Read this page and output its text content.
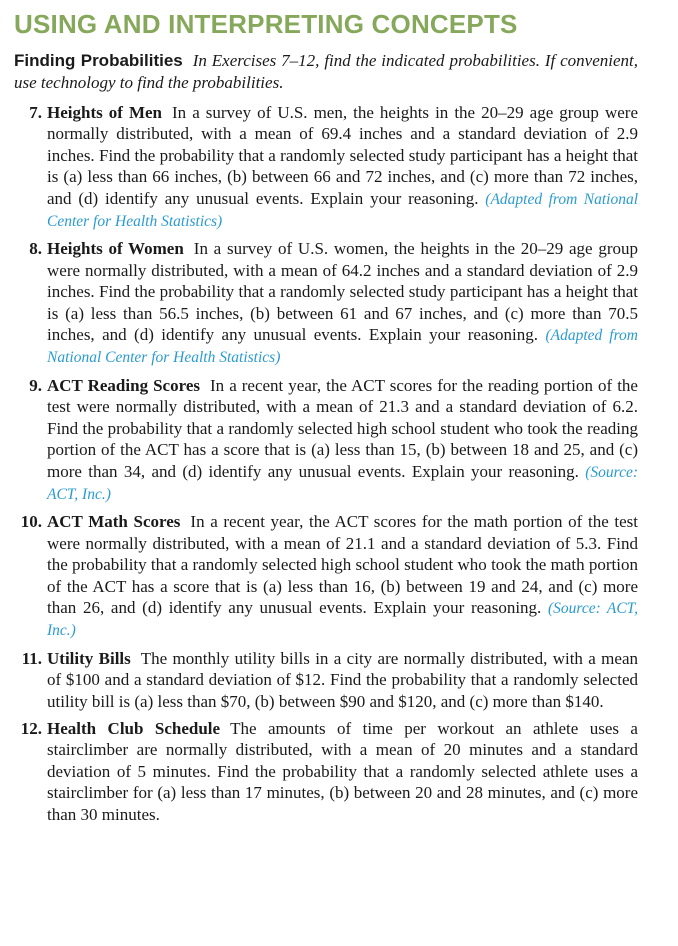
USING AND INTERPRETING CONCEPTS

Finding Probabilities In Exercises 7–12, find the indicated probabilities. If convenient, use technology to find the probabilities.

7. Heights of Men In a survey of U.S. men, the heights in the 20–29 age group were normally distributed, with a mean of 69.4 inches and a standard deviation of 2.9 inches. Find the probability that a randomly selected study participant has a height that is (a) less than 66 inches, (b) between 66 and 72 inches, and (c) more than 72 inches, and (d) identify any unusual events. Explain your reasoning. (Adapted from National Center for Health Statistics)
8. Heights of Women In a survey of U.S. women, the heights in the 20–29 age group were normally distributed, with a mean of 64.2 inches and a standard deviation of 2.9 inches. Find the probability that a randomly selected study participant has a height that is (a) less than 56.5 inches, (b) between 61 and 67 inches, and (c) more than 70.5 inches, and (d) identify any unusual events. Explain your reasoning. (Adapted from National Center for Health Statistics)
9. ACT Reading Scores In a recent year, the ACT scores for the reading portion of the test were normally distributed, with a mean of 21.3 and a standard deviation of 6.2. Find the probability that a randomly selected high school student who took the reading portion of the ACT has a score that is (a) less than 15, (b) between 18 and 25, and (c) more than 34, and (d) identify any unusual events. Explain your reasoning. (Source: ACT, Inc.)
10. ACT Math Scores In a recent year, the ACT scores for the math portion of the test were normally distributed, with a mean of 21.1 and a standard deviation of 5.3. Find the probability that a randomly selected high school student who took the math portion of the ACT has a score that is (a) less than 16, (b) between 19 and 24, and (c) more than 26, and (d) identify any unusual events. Explain your reasoning. (Source: ACT, Inc.)
11. Utility Bills The monthly utility bills in a city are normally distributed, with a mean of $100 and a standard deviation of $12. Find the probability that a randomly selected utility bill is (a) less than $70, (b) between $90 and $120, and (c) more than $140.
12. Health Club Schedule The amounts of time per workout an athlete uses a stairclimber are normally distributed, with a mean of 20 minutes and a standard deviation of 5 minutes. Find the probability that a randomly selected athlete uses a stairclimber for (a) less than 17 minutes, (b) between 20 and 28 minutes, and (c) more than 30 minutes.
